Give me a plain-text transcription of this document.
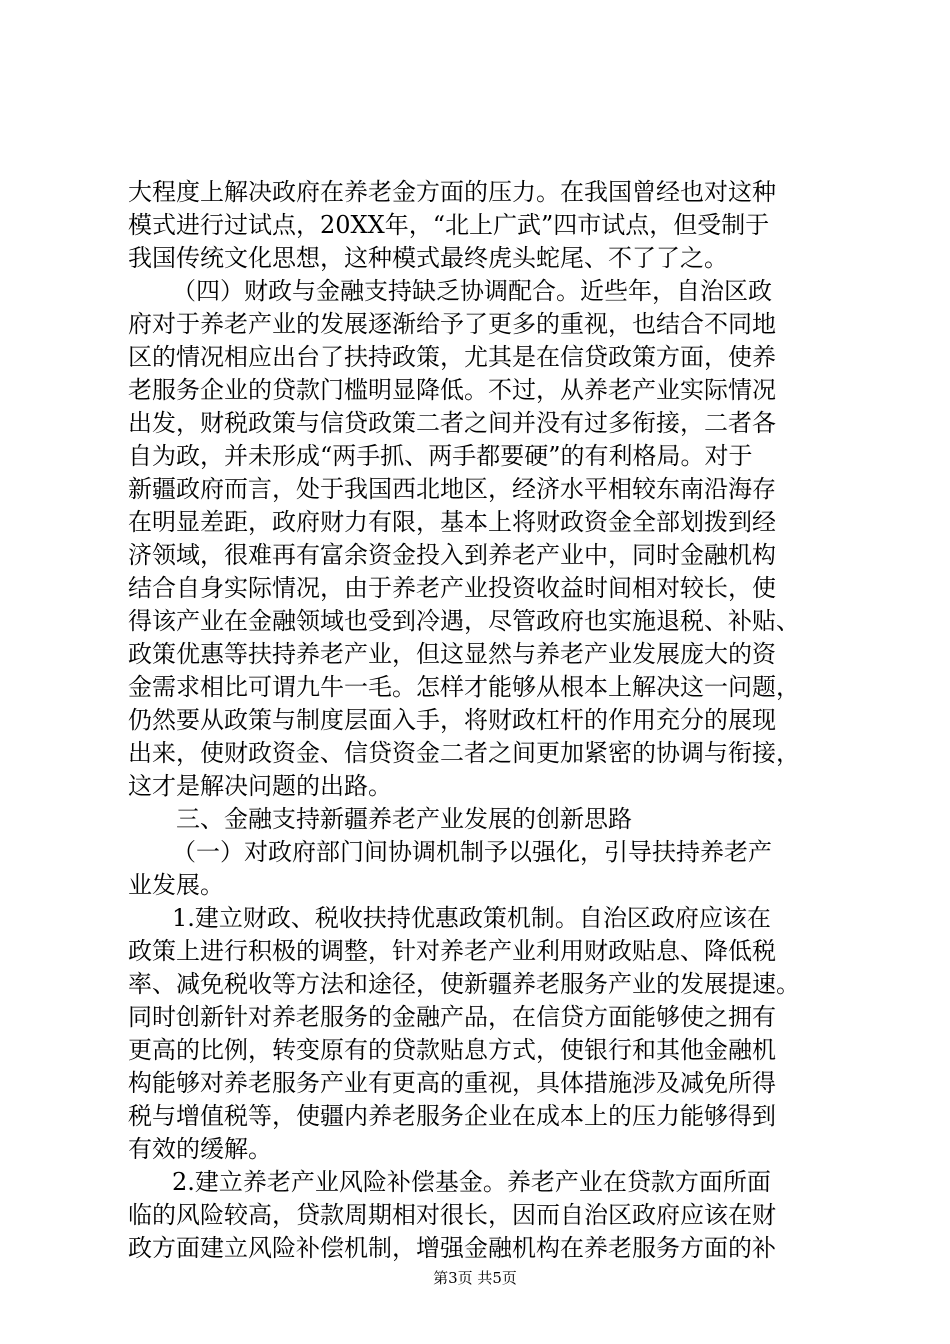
大程度上解决政府在养老金方面的压力。在我国曾经也对这种
模式进行过试点，20XX年，“北上广武”四市试点，但受制于
我国传统文化思想，这种模式最终虎头蛇尾、不了了之。
（四）财政与金融支持缺乏协调配合。近些年，自治区政
府对于养老产业的发展逐渐给予了更多的重视，也结合不同地
区的情况相应出台了扶持政策，尤其是在信贷政策方面，使养
老服务企业的贷款门槛明显降低。不过，从养老产业实际情况
出发，财税政策与信贷政策二者之间并没有过多衔接，二者各
自为政，并未形成“两手抓、两手都要硬”的有利格局。对于
新疆政府而言，处于我国西北地区，经济水平相较东南沿海存
在明显差距，政府财力有限，基本上将财政资金全部划拨到经
济领域，很难再有富余资金投入到养老产业中，同时金融机构
结合自身实际情况，由于养老产业投资收益时间相对较长，使
得该产业在金融领域也受到冷遇，尽管政府也实施退税、补贴、
政策优惠等扶持养老产业，但这显然与养老产业发展庞大的资
金需求相比可谓九牛一毛。怎样才能够从根本上解决这一问题，
仍然要从政策与制度层面入手，将财政杠杆的作用充分的展现
出来，使财政资金、信贷资金二者之间更加紧密的协调与衔接，
这才是解决问题的出路。
三、金融支持新疆养老产业发展的创新思路
（一）对政府部门间协调机制予以强化，引导扶持养老产
业发展。
1.建立财政、税收扶持优惠政策机制。自治区政府应该在
政策上进行积极的调整，针对养老产业利用财政贴息、降低税
率、减免税收等方法和途径，使新疆养老服务产业的发展提速。
同时创新针对养老服务的金融产品，在信贷方面能够使之拥有
更高的比例，转变原有的贷款贴息方式，使银行和其他金融机
构能够对养老服务产业有更高的重视，具体措施涉及减免所得
税与增值税等，使疆内养老服务企业在成本上的压力能够得到
有效的缓解。
2.建立养老产业风险补偿基金。养老产业在贷款方面所面
临的风险较高，贷款周期相对很长，因而自治区政府应该在财
政方面建立风险补偿机制，增强金融机构在养老服务方面的补
第3页 共5页
